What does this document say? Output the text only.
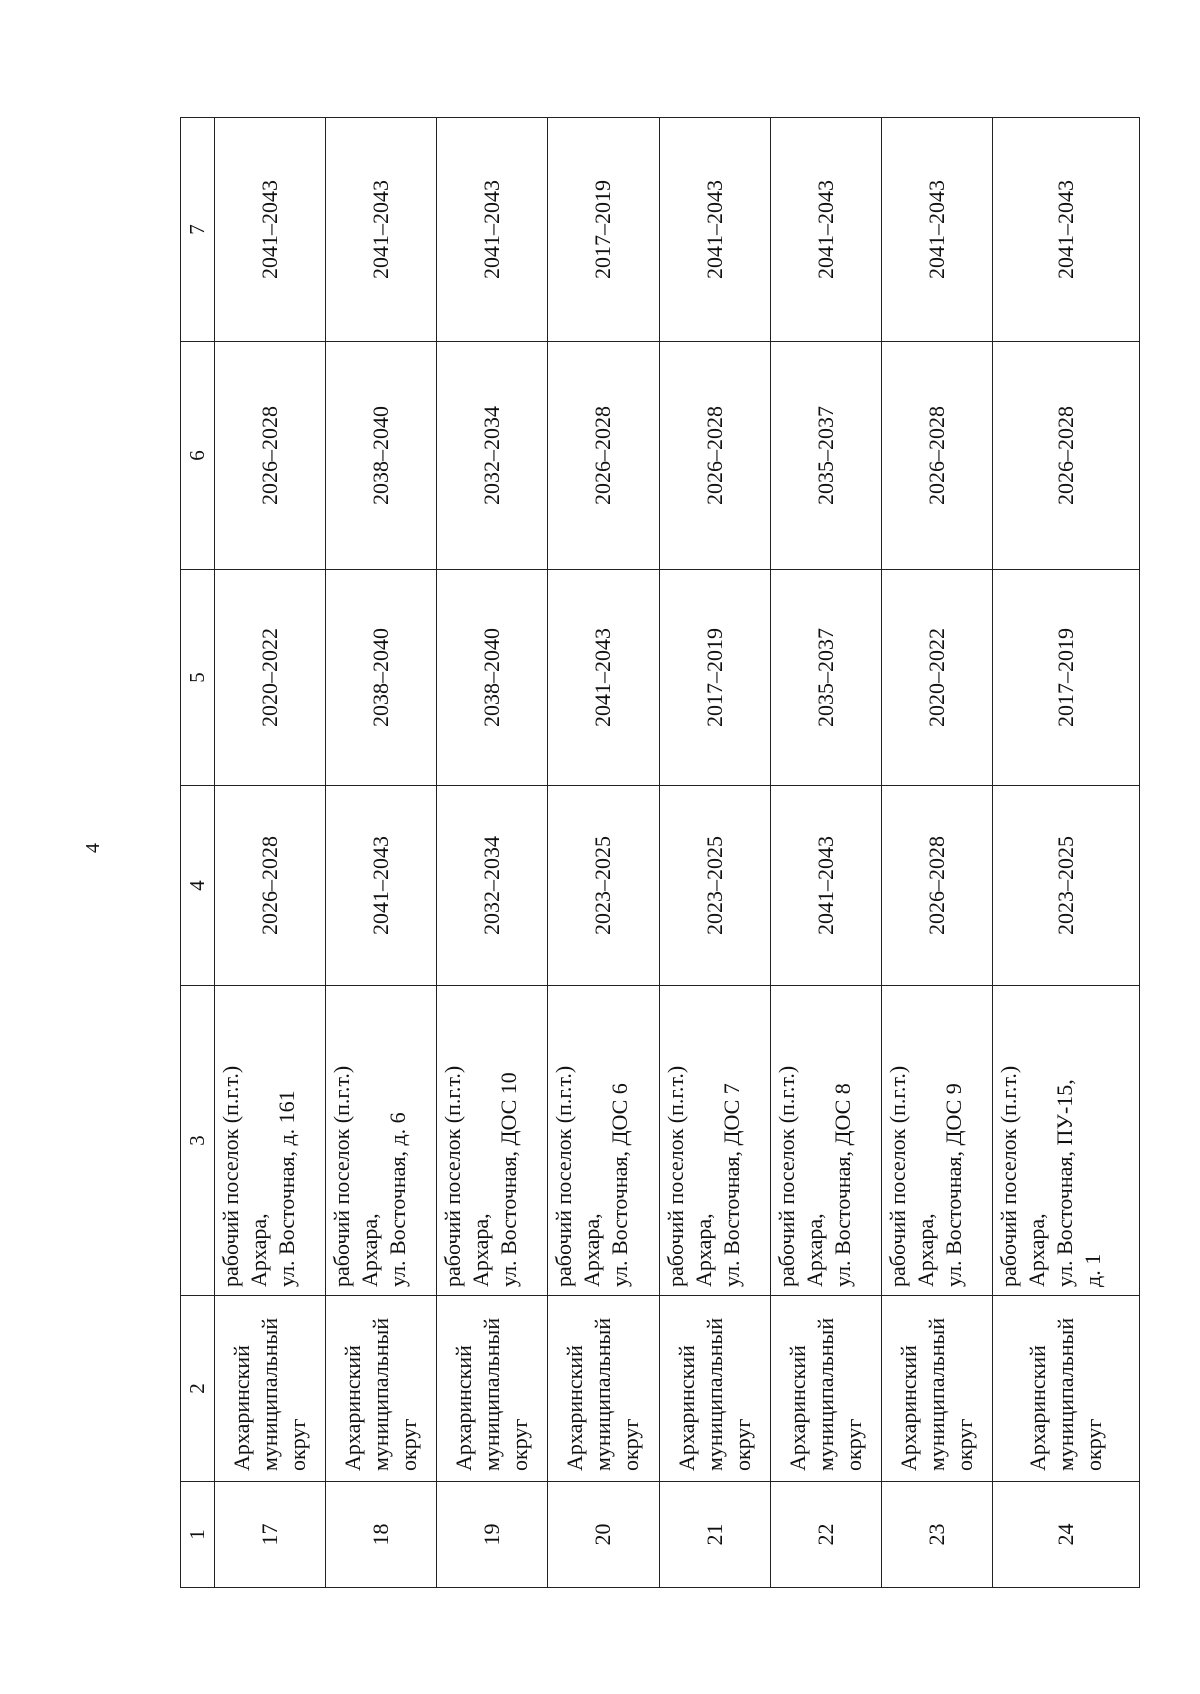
4
1	2	3	4	5	6	7
17	Архаринский муниципальный округ	рабочий поселок (п.г.т.) Архара, ул. Восточная, д. 161	2026–2028	2020–2022	2026–2028	2041–2043
18	Архаринский муниципальный округ	рабочий поселок (п.г.т.) Архара, ул. Восточная, д. 6	2041–2043	2038–2040	2038–2040	2041–2043
19	Архаринский муниципальный округ	рабочий поселок (п.г.т.) Архара, ул. Восточная, ДОС 10	2032–2034	2038–2040	2032–2034	2041–2043
20	Архаринский муниципальный округ	рабочий поселок (п.г.т.) Архара, ул. Восточная, ДОС 6	2023–2025	2041–2043	2026–2028	2017–2019
21	Архаринский муниципальный округ	рабочий поселок (п.г.т.) Архара, ул. Восточная, ДОС 7	2023–2025	2017–2019	2026–2028	2041–2043
22	Архаринский муниципальный округ	рабочий поселок (п.г.т.) Архара, ул. Восточная, ДОС 8	2041–2043	2035–2037	2035–2037	2041–2043
23	Архаринский муниципальный округ	рабочий поселок (п.г.т.) Архара, ул. Восточная, ДОС 9	2026–2028	2020–2022	2026–2028	2041–2043
24	Архаринский муниципальный округ	рабочий поселок (п.г.т.) Архара, ул. Восточная, ПУ-15, д. 1	2023–2025	2017–2019	2026–2028	2041–2043
